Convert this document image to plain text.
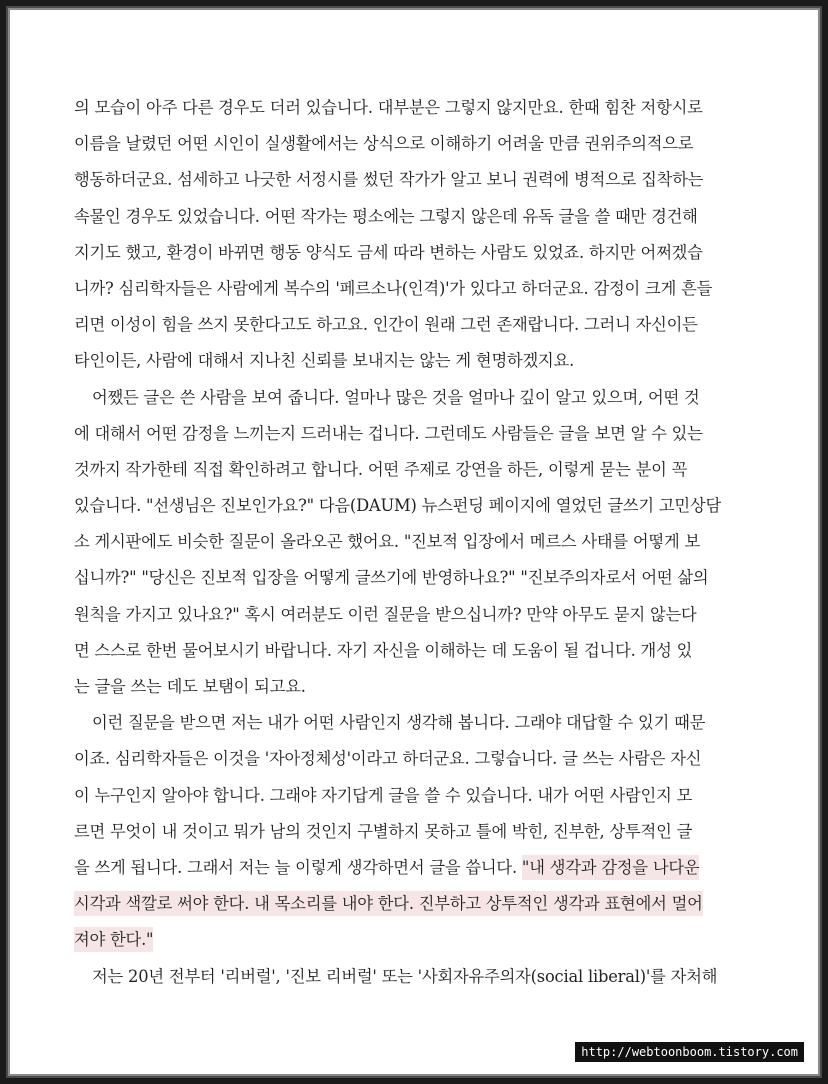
의 모습이 아주 다른 경우도 더러 있습니다. 대부분은 그렇지 않지만요. 한때 힘찬 저항시로
이름을 날렸던 어떤 시인이 실생활에서는 상식으로 이해하기 어려울 만큼 권위주의적으로
행동하더군요. 섬세하고 나긋한 서정시를 썼던 작가가 알고 보니 권력에 병적으로 집착하는
속물인 경우도 있었습니다. 어떤 작가는 평소에는 그렇지 않은데 유독 글을 쓸 때만 경건해
지기도 했고, 환경이 바뀌면 행동 양식도 금세 따라 변하는 사람도 있었죠. 하지만 어쩌겠습
니까? 심리학자들은 사람에게 복수의 '페르소나(인격)'가 있다고 하더군요. 감정이 크게 흔들
리면 이성이 힘을 쓰지 못한다고도 하고요. 인간이 원래 그런 존재랍니다. 그러니 자신이든
타인이든, 사람에 대해서 지나친 신뢰를 보내지는 않는 게 현명하겠지요.
어쨌든 글은 쓴 사람을 보여 줍니다. 얼마나 많은 것을 얼마나 깊이 알고 있으며, 어떤 것
에 대해서 어떤 감정을 느끼는지 드러내는 겁니다. 그런데도 사람들은 글을 보면 알 수 있는
것까지 작가한테 직접 확인하려고 합니다. 어떤 주제로 강연을 하든, 이렇게 묻는 분이 꼭
있습니다. "선생님은 진보인가요?" 다음(DAUM) 뉴스펀딩 페이지에 열었던 글쓰기 고민상담
소 게시판에도 비슷한 질문이 올라오곤 했어요. "진보적 입장에서 메르스 사태를 어떻게 보
십니까?" "당신은 진보적 입장을 어떻게 글쓰기에 반영하나요?" "진보주의자로서 어떤 삶의
원칙을 가지고 있나요?" 혹시 여러분도 이런 질문을 받으십니까? 만약 아무도 묻지 않는다
면 스스로 한번 물어보시기 바랍니다. 자기 자신을 이해하는 데 도움이 될 겁니다. 개성 있
는 글을 쓰는 데도 보탬이 되고요.
이런 질문을 받으면 저는 내가 어떤 사람인지 생각해 봅니다. 그래야 대답할 수 있기 때문
이죠. 심리학자들은 이것을 '자아정체성'이라고 하더군요. 그렇습니다. 글 쓰는 사람은 자신
이 누구인지 알아야 합니다. 그래야 자기답게 글을 쓸 수 있습니다. 내가 어떤 사람인지 모
르면 무엇이 내 것이고 뭐가 남의 것인지 구별하지 못하고 틀에 박힌, 진부한, 상투적인 글
을 쓰게 됩니다. 그래서 저는 늘 이렇게 생각하면서 글을 씁니다. "내 생각과 감정을 나다운
시각과 색깔로 써야 한다. 내 목소리를 내야 한다. 진부하고 상투적인 생각과 표현에서 멀어
져야 한다."
저는 20년 전부터 '리버럴', '진보 리버럴' 또는 '사회자유주의자(social liberal)'를 자처해
http://webtoonboom.tistory.com
